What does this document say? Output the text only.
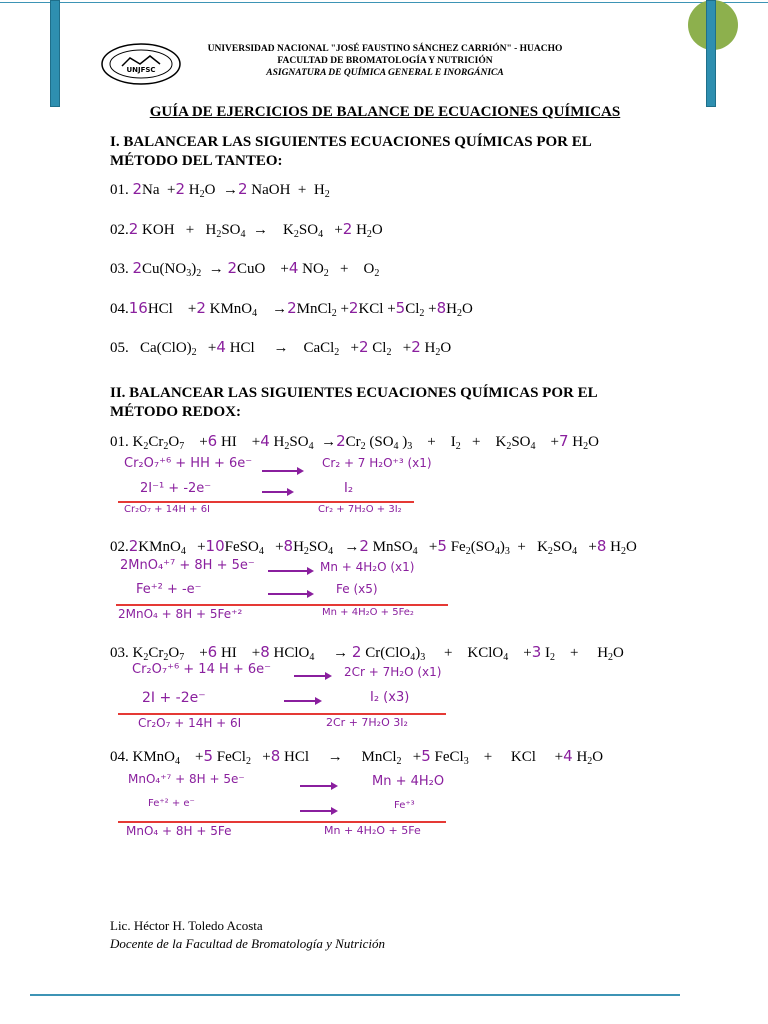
UNJFSC
UNIVERSIDAD NACIONAL "JOSÉ FAUSTINO SÁNCHEZ CARRIÓN" - HUACHO
FACULTAD DE BROMATOLOGÍA Y NUTRICIÓN
ASIGNATURA DE QUÍMICA GENERAL E INORGÁNICA
GUÍA DE EJERCICIOS DE BALANCE DE ECUACIONES QUÍMICAS
I. BALANCEAR LAS SIGUIENTES ECUACIONES QUÍMICAS POR EL
MÉTODO DEL TANTEO:
01. 2Na  +2 $H_2O \to 2$ NaOH  +  $H_2$
02.2 KOH   +   $H_2SO_4$  →    $K_2SO_4 +2$ $H_2O$
03. $2Cu(NO_3)_2 \to 2CuO$    +4 $NO_2$   +    $O_2$
04.16HCl    +2 KMnO$_4$    →2MnCl$_2$ $+2KCl +5Cl_2 +8H_2O$
05.   $Ca(ClO)_2 +4$ HCl     →    CaCl$_2$   +2 $Cl_2 +2$ $H_2O$
II. BALANCEAR LAS SIGUIENTES ECUACIONES QUÍMICAS POR EL
MÉTODO REDOX:
01. $K_2Cr_2O_7$    +6 HI    +4 $H_2SO_4 \to 2Cr_2$ ($SO_4$ )$_3$    +    $I_2$   +    $K_2SO_4$    +7 $H_2O$
Cr₂O₇⁺⁶ + HH + 6e⁻	Cr₂ + 7 H₂O⁺³ (x1)
2I⁻¹ + -2e⁻	I₂
Cr₂O₇ + 14H + 6I	Cr₂ + 7H₂O + 3I₂
02.2KMnO$_4$   +10FeSO$_4$   $+8H_2SO_4 \to 2$ MnSO$_4$   +5 $Fe_2(SO_4)_3 + K_2SO_4 +8$ $H_2O$
2MnO₄⁺⁷ + 8H + 5e⁻	Mn + 4H₂O (x1)
Fe⁺² + -e⁻	Fe (x5)
2MnO₄ + 8H + 5Fe⁺²	Mn + 4H₂O + 5Fe₂
03. $K_2Cr_2O_7$    +6 HI    +8 HClO$_4$     → 2 $Cr(ClO_4)_3$     +    KClO$_4$    +3 $I_2$    +     $H_2O$
Cr₂O₇⁺⁶ + 14 H + 6e⁻	2Cr + 7H₂O (x1)
2I + -2e⁻	I₂ (x3)
Cr₂O₇ + 14H + 6I	2Cr + 7H₂O 3I₂
04. KMnO$_4$    +5 FeCl$_2$   +8 HCl     →     MnCl$_2$   +5 FeCl$_3$    +     KCl     +4 $H_2O$
MnO₄⁺⁷ + 8H + 5e⁻	Mn + 4H₂O
Fe⁺² + e⁻	Fe⁺³
MnO₄ + 8H + 5Fe	Mn + 4H₂O + 5Fe
Lic. Héctor H. Toledo Acosta
Docente de la Facultad de Bromatología y Nutrición
